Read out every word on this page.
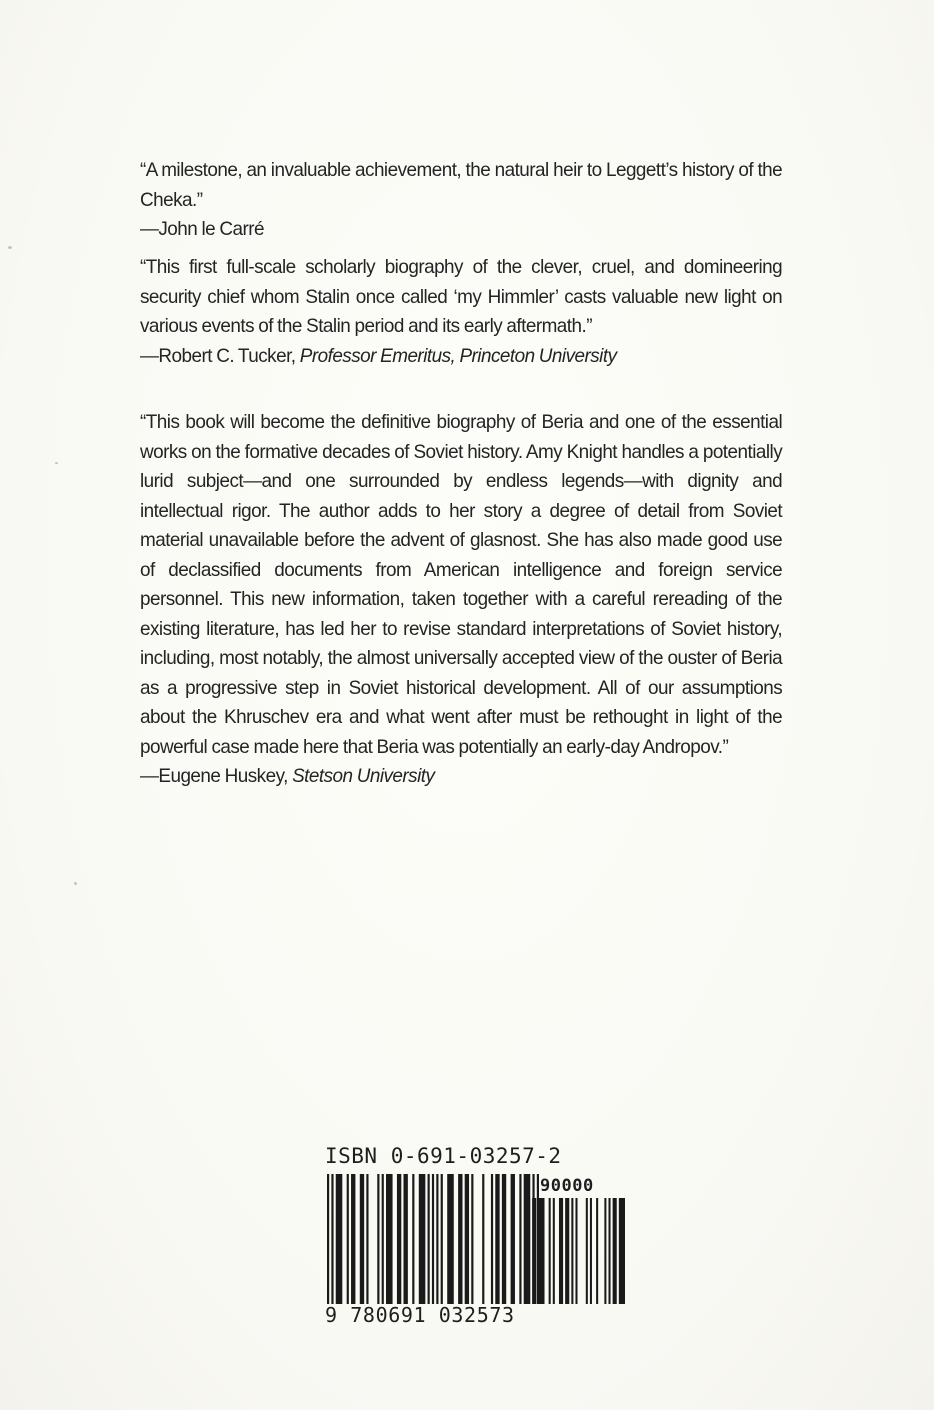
“A milestone, an invaluable achievement, the natural heir to Leggett’s history of the Cheka.”
—John le Carré
“This first full-scale scholarly biography of the clever, cruel, and domineering security chief whom Stalin once called ‘my Himmler’ casts valuable new light on various events of the Stalin period and its early aftermath.”
—Robert C. Tucker, Professor Emeritus, Princeton University
“This book will become the definitive biography of Beria and one of the essential works on the formative decades of Soviet history. Amy Knight handles a potentially lurid subject—and one surrounded by endless legends—with dignity and intellectual rigor. The author adds to her story a degree of detail from Soviet material unavailable before the advent of glasnost. She has also made good use of declassified documents from American intelligence and foreign service personnel. This new information, taken together with a careful rereading of the existing literature, has led her to revise standard interpretations of Soviet history, including, most notably, the almost universally accepted view of the ouster of Beria as a progressive step in Soviet historical development. All of our assumptions about the Khruschev era and what went after must be rethought in light of the powerful case made here that Beria was potentially an early-day Andropov.”
—Eugene Huskey, Stetson University
ISBN 0-691-03257-2
90000
9 780691 032573
